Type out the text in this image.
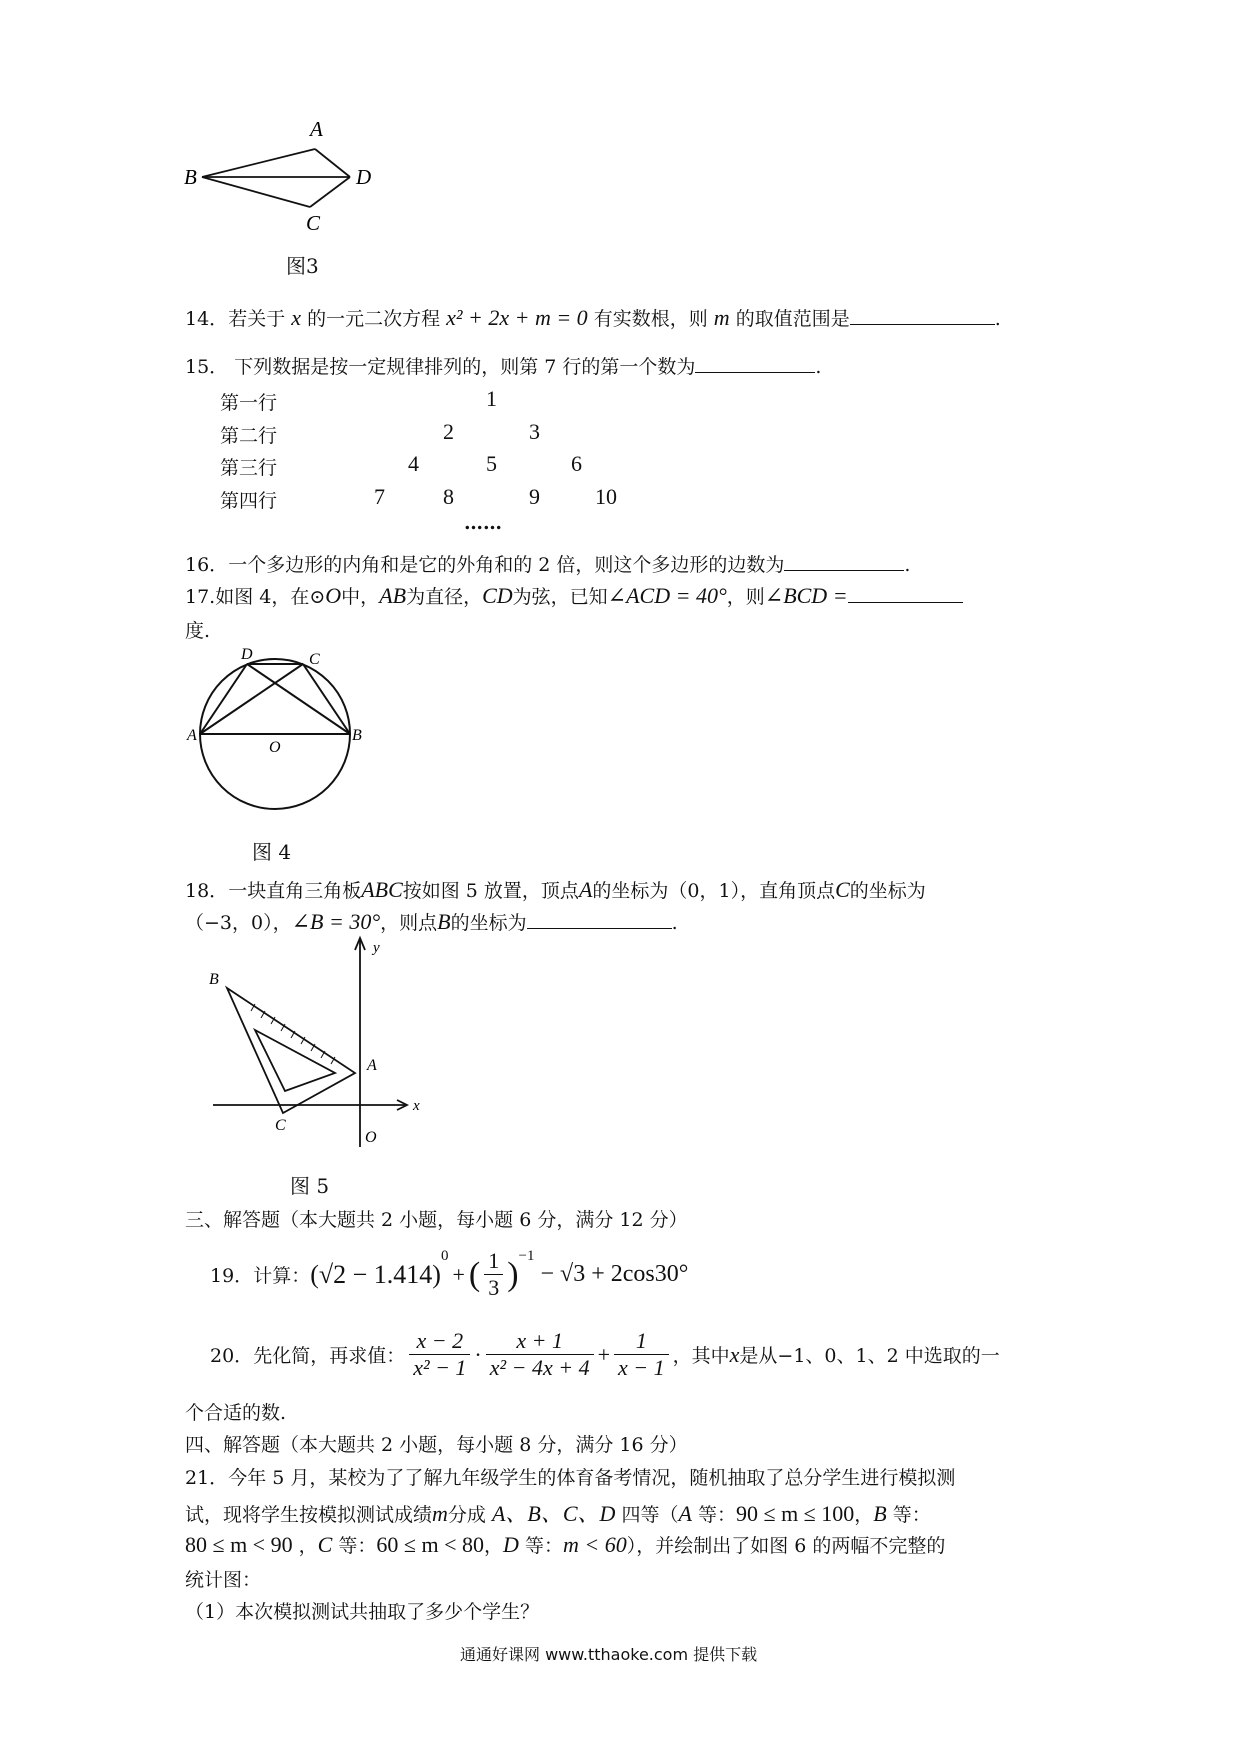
A
B	D
C
图3
14．若关于 x 的一元二次方程 x² + 2x + m = 0 有实数根，则 m 的取值范围是	.
15． 下列数据是按一定规律排列的，则第 7 行的第一个数为	.
第一行	1
第二行	2	3
第三行	4	5	6
第四行	7	8	9	10
……
16．一个多边形的内角和是它的外角和的 2 倍，则这个多边形的边数为	.
17.如图 4，在⊙O中，AB为直径，CD为弦，已知∠ACD = 40°，则∠BCD =
度.
D	C
A	B
O
图 4
18．一块直角三角板ABC按如图 5 放置，顶点A的坐标为（0，1），直角顶点C的坐标为
（−3，0），∠B = 30°，则点B的坐标为	.
B
A
C
O
x
y
图 5
三、解答题（本大题共 2 小题，每小题 6 分，满分 12 分）
19． 计算： (√2 − 1.414)
$^0$
+ ( $\frac{1}{3} )^{-1}$
− √3 + 2cos30°
20． 先化简，再求值： $\frac{x - 2}{\text{x² − 1}} \cdot \frac{x + 1}{\text{x² − 4x + 4}} + \frac{1}{x - 1}$ ，其中 x 是从−1、0、1、2 中选取的一
个合适的数.
四、解答题（本大题共 2 小题，每小题 8 分，满分 16 分）
21．今年 5 月，某校为了了解九年级学生的体育备考情况，随机抽取了总分学生进行模拟测
试，现将学生按模拟测试成绩m分成 A、B、C、D 四等（A 等：90 ≤ m ≤ 100，B 等：
80 ≤ m < 90 ，C 等：60 ≤ m < 80，D 等：m < 60），并绘制出了如图 6 的两幅不完整的
统计图：
（1）本次模拟测试共抽取了多少个学生？
通通好课网 www.tthaoke.com 提供下载
